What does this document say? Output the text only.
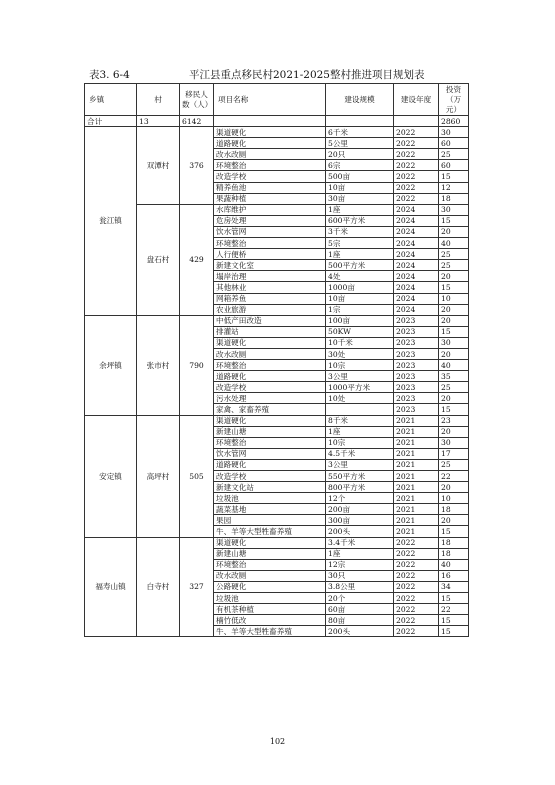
表3. 6-4	平江县重点移民村2021-2025整村推进项目规划表
乡镇	村	移民人数（人）	项目名称	建设规模	建设年度	投资（万元）
合计	13	6142				2860
瓮江镇	双潭村	376	渠道硬化	6千米	2022	30
			道路硬化	5公里	2022	60
			改水改厕	20只	2022	25
			环境整治	6宗	2022	60
			改造学校	500亩	2022	15
			精养鱼池	10亩	2022	12
			果蔬种植	30亩	2022	18
	盘石村	429	水库维护	1座	2024	30
			危房处理	600平方米	2024	15
			饮水管网	3千米	2024	20
			环境整治	5宗	2024	40
			人行便桥	1座	2024	25
			新建文化室	500平方米	2024	25
			塌岸治理	4处	2024	20
			其他林业	1000亩	2024	15
			网箱养鱼	10亩	2024	10
			农业旅游	1宗	2024	20
余坪镇	张市村	790	中低产田改造	100亩	2023	20
			排灌站	50KW	2023	15
			渠道硬化	10千米	2023	30
			改水改厕	30处	2023	20
			环境整治	10宗	2023	40
			道路硬化	3公里	2023	35
			改造学校	1000平方米	2023	25
			污水处理	10处	2023	20
			家禽、家畜养殖		2023	15
安定镇	高坪村	505	渠道硬化	8千米	2021	23
			新建山塘	1座	2021	20
			环境整治	10宗	2021	30
			饮水管网	4.5千米	2021	17
			道路硬化	3公里	2021	25
			改造学校	550平方米	2021	22
			新建文化站	800平方米	2021	20
			垃圾池	12个	2021	10
			蔬菜基地	200亩	2021	18
			果园	300亩	2021	20
			牛、羊等大型牲畜养殖	200头	2021	15
福寿山镇	白寺村	327	渠道硬化	3.4千米	2022	18
			新建山塘	1座	2022	18
			环境整治	12宗	2022	40
			改水改厕	30只	2022	16
			公路硬化	3.8公里	2022	34
			垃圾池	20个	2022	15
			有机茶种植	60亩	2022	22
			楠竹低改	80亩	2022	15
			牛、羊等大型牲畜养殖	200头	2022	15
102
